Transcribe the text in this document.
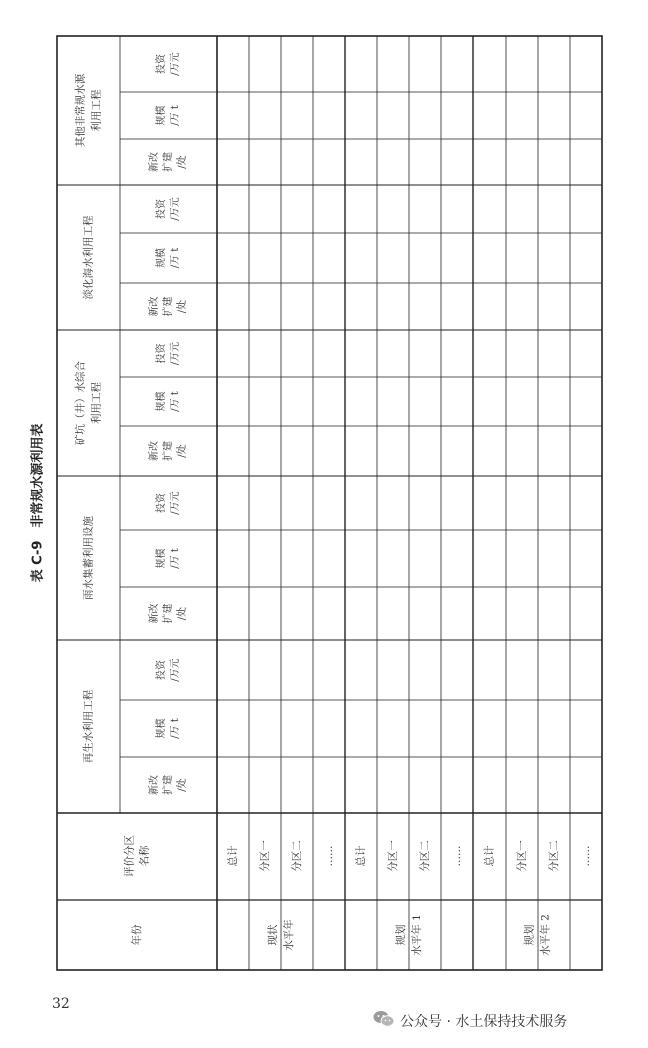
再生水利用工程
雨水集蓄利用设施
矿坑（井）水综合 利用工程
淡化海水利用工程
其他非常规水源 利用工程
投资 /万元
规模 /万 t
新改 扩建 /处
投资 /万元
规模 /万 t
新改 扩建 /处
投资 /万元
规模 /万 t
新改 扩建 /处
投资 /万元
规模 /万 t
新改 扩建 /处
投资 /万元
规模 /万 t
新改 扩建 /处
评价分区 名称
年份
总计 分区一 分区二 …… 总计 分区一 分区二 …… 总计 分区一 分区二 ……
现状 水平年	规划 水平年 1	规划 水平年 2
表 C-9　非常规水源利用表
32
公众号 · 水土保持技术服务
